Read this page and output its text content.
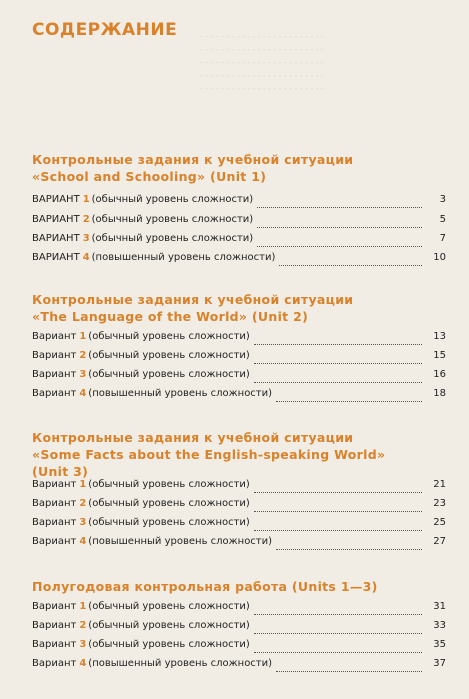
- - - - - - - - - - - - - - - - - - - - - - - -
- - - - - - - - - - - - - - - - - - - - - - - -
- - - - - - - - - - - - - - - - - - - - - - - -
- - - - - - - - - - - - - - - - - - - - - - - -
- - - - - - - - - - - - - - - - - - - - - - - -
СОДЕРЖАНИЕ
Контрольные задания к учебной ситуации
«School and Schooling» (Unit 1)
ВАРИАНТ 1 (обычный уровень сложности)	3
ВАРИАНТ 2 (обычный уровень сложности)	5
ВАРИАНТ 3 (обычный уровень сложности)	7
ВАРИАНТ 4 (повышенный уровень сложности)	10
Контрольные задания к учебной ситуации
«The Language of the World» (Unit 2)
Вариант 1 (обычный уровень сложности)	13
Вариант 2 (обычный уровень сложности)	15
Вариант 3 (обычный уровень сложности)	16
Вариант 4 (повышенный уровень сложности)	18
Контрольные задания к учебной ситуации
«Some Facts about the English-speaking World»
(Unit 3)
Вариант 1 (обычный уровень сложности)	21
Вариант 2 (обычный уровень сложности)	23
Вариант 3 (обычный уровень сложности)	25
Вариант 4 (повышенный уровень сложности)	27
Полугодовая контрольная работа (Units 1—3)
Вариант 1 (обычный уровень сложности)	31
Вариант 2 (обычный уровень сложности)	33
Вариант 3 (обычный уровень сложности)	35
Вариант 4 (повышенный уровень сложности)	37
